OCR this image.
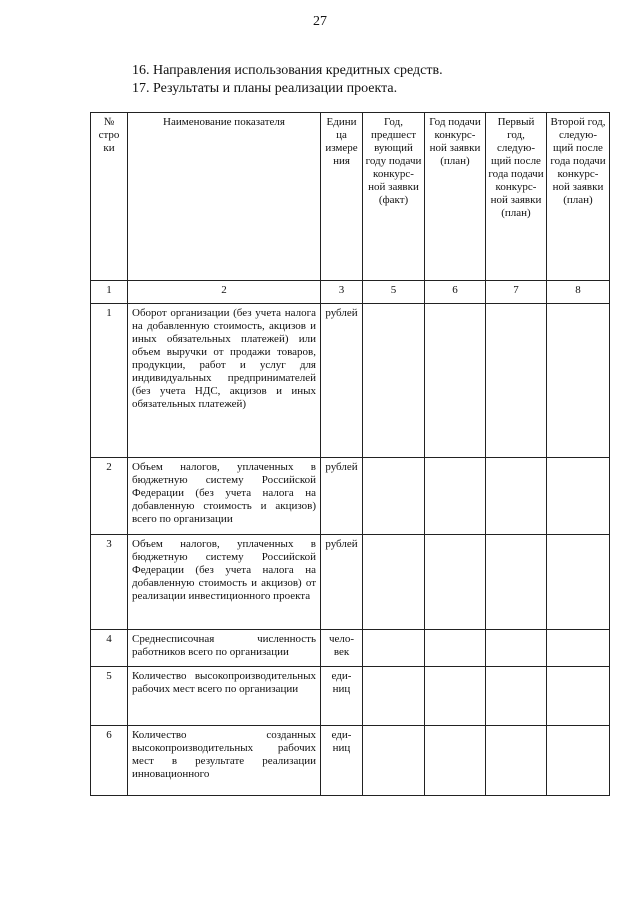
27
16. Направления использования кредитных средств.
17. Результаты и планы реализации проекта.
№ стро ки	Наименование показателя	Едини ца измере ния	Год, предшест вующий году подачи конкурс-ной заявки (факт)	Год подачи конкурс-ной заявки (план)	Первый год, следую-щий после года подачи конкурс-ной заявки (план)	Второй год, следую-щий после года подачи конкурс-ной заявки (план)
1	2	3	5	6	7	8
1	Оборот организации (без учета налога на добавленную стоимость, акцизов и иных обязательных платежей) или объем выручки от продажи товаров, продукции, работ и услуг для индивидуальных предпринимателей (без учета НДС, акцизов и иных обязательных платежей)	рублей				
2	Объем налогов, уплаченных в бюджетную систему Российской Федерации (без учета налога на добавленную стоимость и акцизов) всего по организации	рублей				
3	Объем налогов, уплаченных в бюджетную систему Российской Федерации (без учета налога на добавленную стоимость и акцизов) от реализации инвестиционного проекта	рублей				
4	Среднесписочная численность работников всего по организации	чело-век				
5	Количество высокопроизводительных рабочих мест всего по организации	еди-ниц				
6	Количество созданных высокопроизводительных рабочих мест в результате реализации инновационного	еди-ниц				
